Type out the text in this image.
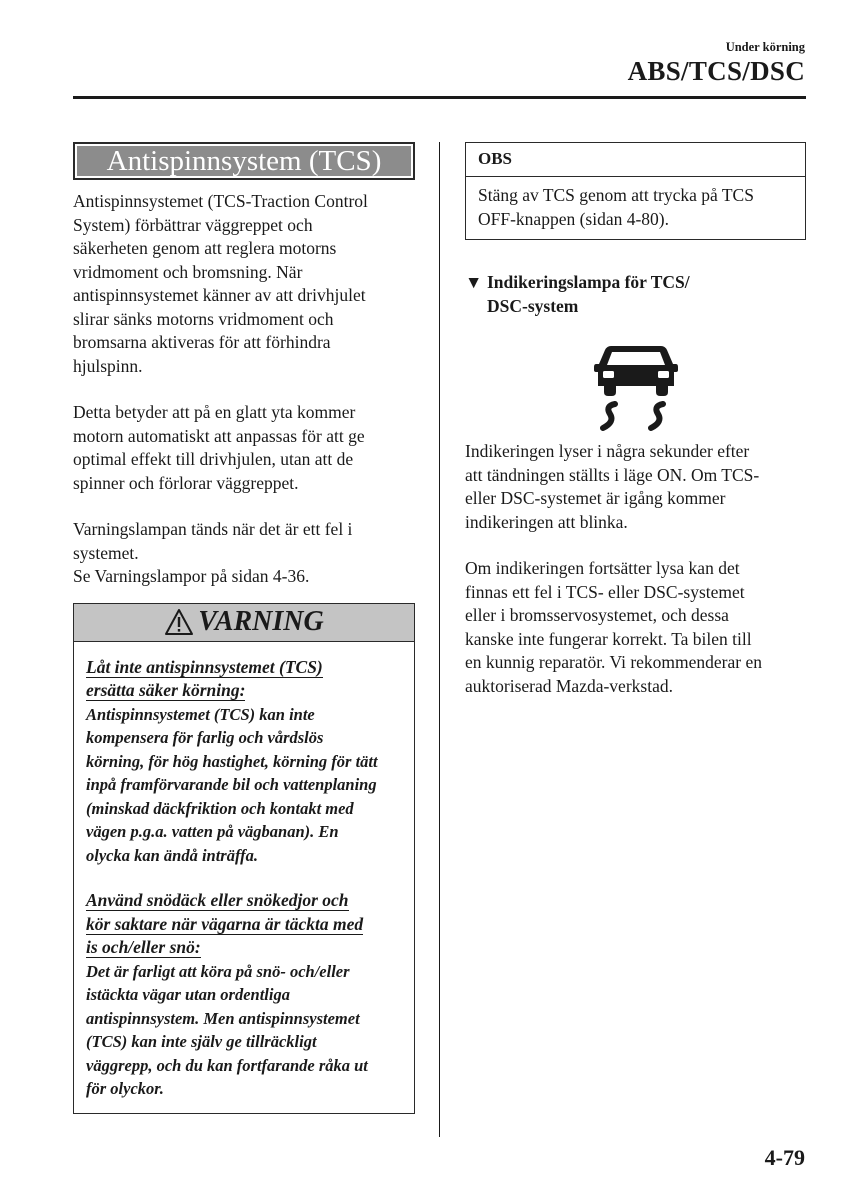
Under körning
ABS/TCS/DSC
Antispinnsystem (TCS)
Antispinnsystemet (TCS-Traction Control
System) förbättrar väggreppet och
säkerheten genom att reglera motorns
vridmoment och bromsning. När
antispinnsystemet känner av att drivhjulet
slirar sänks motorns vridmoment och
bromsarna aktiveras för att förhindra
hjulspinn.
Detta betyder att på en glatt yta kommer
motorn automatiskt att anpassas för att ge
optimal effekt till drivhjulen, utan att de
spinner och förlorar väggreppet.
Varningslampan tänds när det är ett fel i
systemet.
Se Varningslampor på sidan 4-36.
VARNING
Låt inte antispinnsystemet (TCS)
ersätta säker körning:
Antispinnsystemet (TCS) kan inte
kompensera för farlig och vårdslös
körning, för hög hastighet, körning för tätt
inpå framförvarande bil och vattenplaning
(minskad däckfriktion och kontakt med
vägen p.g.a. vatten på vägbanan). En
olycka kan ändå inträffa.
Använd snödäck eller snökedjor och
kör saktare när vägarna är täckta med
is och/eller snö:
Det är farligt att köra på snö- och/eller
istäckta vägar utan ordentliga
antispinnsystem. Men antispinnsystemet
(TCS) kan inte själv ge tillräckligt
väggrepp, och du kan fortfarande råka ut
för olyckor.
OBS
Stäng av TCS genom att trycka på TCS
OFF-knappen (sidan 4-80).
▼ Indikeringslampa för TCS/
DSC-system
Indikeringen lyser i några sekunder efter
att tändningen ställts i läge ON. Om TCS-
eller DSC-systemet är igång kommer
indikeringen att blinka.
Om indikeringen fortsätter lysa kan det
finnas ett fel i TCS- eller DSC-systemet
eller i bromsservosystemet, och dessa
kanske inte fungerar korrekt. Ta bilen till
en kunnig reparatör. Vi rekommenderar en
auktoriserad Mazda-verkstad.
4-79
